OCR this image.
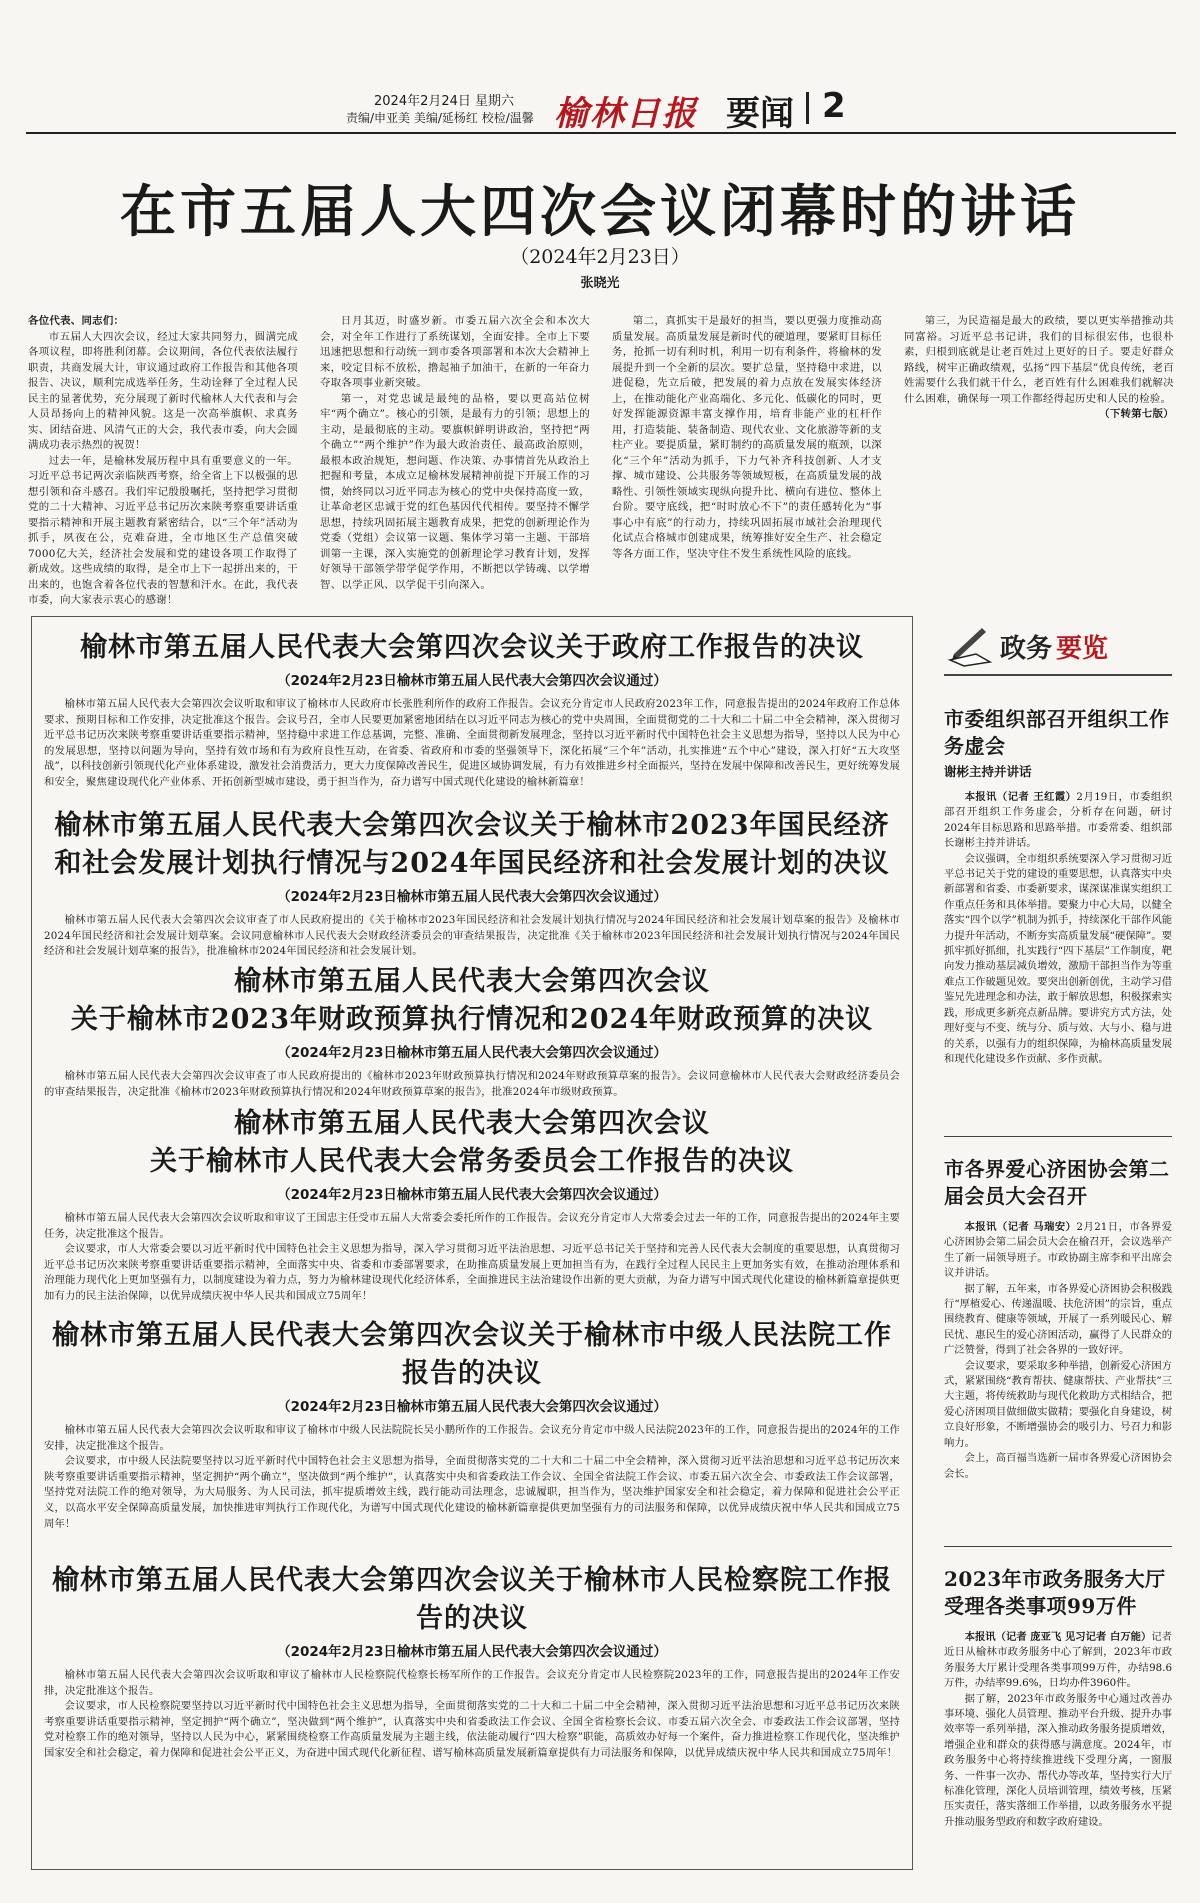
2024年2月24日 星期六
责编/申亚美 美编/延杨红 校检/温馨 榆林日报 要闻 2
在市五届人大四次会议闭幕时的讲话
（2024年2月23日）
张晓光

各位代表、同志们：

市五届人大四次会议，经过大家共同努力，圆满完成各项议程，即将胜利闭幕。会议期间，各位代表依法履行职责，共商发展大计，审议通过政府工作报告和其他各项报告、决议，顺利完成选举任务，生动诠释了全过程人民民主的显著优势，充分展现了新时代榆林人大代表和与会人员昂扬向上的精神风貌。这是一次高举旗帜、求真务实、团结奋进、风清气正的大会，我代表市委，向大会圆满成功表示热烈的祝贺！

过去一年，是榆林发展历程中具有重要意义的一年。习近平总书记两次亲临陕西考察，给全省上下以极强的思想引领和奋斗感召。我们牢记殷殷嘱托，坚持把学习贯彻党的二十大精神、习近平总书记历次来陕考察重要讲话重要指示精神和开展主题教育紧密结合，以“三个年”活动为抓手，夙夜在公，克难奋进，全市地区生产总值突破7000亿大关，经济社会发展和党的建设各项工作取得了新成效。这些成绩的取得，是全市上下一起拼出来的，干出来的，也饱含着各位代表的智慧和汗水。在此，我代表市委，向大家表示衷心的感谢！

日月其迈，时盛岁新。市委五届六次全会和本次大会，对全年工作进行了系统谋划，全面安排。全市上下要迅速把思想和行动统一到市委各项部署和本次大会精神上来，咬定目标不放松，撸起袖子加油干，在新的一年奋力夺取各项事业新突破。

第一，对党忠诚是最纯的品格，要以更高站位树牢“两个确立”。核心的引领，是最有力的引领；思想上的主动，是最彻底的主动。要旗帜鲜明讲政治，坚持把“两个确立”“两个维护”作为最大政治责任、最高政治原则，最根本政治规矩，想问题、作决策、办事情首先从政治上把握和考量，本成立足榆林发展精神前提下开展工作的习惯，始终同以习近平同志为核心的党中央保持高度一致，让革命老区忠诚于党的红色基因代代相传。要坚持不懈学思想，持续巩固拓展主题教育成果，把党的创新理论作为党委（党组）会议第一议题、集体学习第一主题、干部培训第一主课，深入实施党的创新理论学习教育计划，发挥好领导干部领学带学促学作用，不断把以学铸魂、以学增智、以学正风、以学促干引向深入。

第二，真抓实干是最好的担当，要以更强力度推动高质量发展。高质量发展是新时代的硬道理，要紧盯目标任务，抢抓一切有利时机，利用一切有利条件，将榆林的发展提升到一个全新的层次。要扩总量，坚持稳中求进，以进促稳，先立后破，把发展的着力点放在发展实体经济上，在推动能化产业高端化、多元化、低碳化的同时，更好发挥能源资源丰富支撑作用，培育非能产业的杠杆作用，打造装能、装备制造、现代农业、文化旅游等新的支柱产业。要提质量，紧盯制约的高质量发展的瓶颈，以深化“三个年”活动为抓手，下力气补齐科技创新、人才支撑、城市建设、公共服务等领域短板，在高质量发展的战略性、引领性领域实现纵向提升比、横向有进位、整体上台阶。要守底线，把“时时放心不下”的责任感转化为“事事心中有底”的行动力，持续巩固拓展市域社会治理现代化试点合格城市创建成果，统筹推好安全生产、社会稳定等各方面工作，坚决守住不发生系统性风险的底线。

第三，为民造福是最大的政绩，要以更实举措推动共同富裕。习近平总书记讲，我们的目标很宏伟，也很朴素，归根到底就是让老百姓过上更好的日子。要走好群众路线，树牢正确政绩观，弘扬“四下基层”优良传统，老百姓需要什么我们就干什么，老百姓有什么困难我们就解决什么困难，确保每一项工作都经得起历史和人民的检验。

（下转第七版）
榆林市第五届人民代表大会第四次会议关于政府工作报告的决议
（2024年2月23日榆林市第五届人民代表大会第四次会议通过）

榆林市第五届人民代表大会第四次会议听取和审议了榆林市人民政府市长张胜利所作的政府工作报告。会议充分肯定市人民政府2023年工作，同意报告提出的2024年政府工作总体要求、预期目标和工作安排，决定批准这个报告。会议号召，全市人民要更加紧密地团结在以习近平同志为核心的党中央周围，全面贯彻党的二十大和二十届二中全会精神，深入贯彻习近平总书记历次来陕考察重要讲话重要指示精神，坚持稳中求进工作总基调，完整、准确、全面贯彻新发展理念，坚持以习近平新时代中国特色社会主义思想为指导，坚持以人民为中心的发展思想，坚持以问题为导向，坚持有效市场和有为政府良性互动，在省委、省政府和市委的坚强领导下，深化拓展“三个年”活动，扎实推进“五个中心”建设，深入打好“五大攻坚战”，以科技创新引领现代化产业体系建设，激发社会消费活力，更大力度保障改善民生，促进区域协调发展，有力有效推进乡村全面振兴，坚持在发展中保障和改善民生，更好统筹发展和安全，聚焦建设现代化产业体系、开拓创新型城市建设，勇于担当作为，奋力谱写中国式现代化建设的榆林新篇章！

榆林市第五届人民代表大会第四次会议关于榆林市2023年国民经济
和社会发展计划执行情况与2024年国民经济和社会发展计划的决议
（2024年2月23日榆林市第五届人民代表大会第四次会议通过）

榆林市第五届人民代表大会第四次会议审查了市人民政府提出的《关于榆林市2023年国民经济和社会发展计划执行情况与2024年国民经济和社会发展计划草案的报告》及榆林市2024年国民经济和社会发展计划草案。会议同意榆林市人民代表大会财政经济委员会的审查结果报告，决定批准《关于榆林市2023年国民经济和社会发展计划执行情况与2024年国民经济和社会发展计划草案的报告》，批准榆林市2024年国民经济和社会发展计划。

榆林市第五届人民代表大会第四次会议
关于榆林市2023年财政预算执行情况和2024年财政预算的决议
（2024年2月23日榆林市第五届人民代表大会第四次会议通过）

榆林市第五届人民代表大会第四次会议审查了市人民政府提出的《榆林市2023年财政预算执行情况和2024年财政预算草案的报告》。会议同意榆林市人民代表大会财政经济委员会的审查结果报告，决定批准《榆林市2023年财政预算执行情况和2024年财政预算草案的报告》，批准2024年市级财政预算。

榆林市第五届人民代表大会第四次会议
关于榆林市人民代表大会常务委员会工作报告的决议
（2024年2月23日榆林市第五届人民代表大会第四次会议通过）

榆林市第五届人民代表大会第四次会议听取和审议了王国忠主任受市五届人大常委会委托所作的工作报告。会议充分肯定市人大常委会过去一年的工作，同意报告提出的2024年主要任务，决定批准这个报告。

会议要求，市人大常委会要以习近平新时代中国特色社会主义思想为指导，深入学习贯彻习近平法治思想、习近平总书记关于坚持和完善人民代表大会制度的重要思想，认真贯彻习近平总书记历次来陕考察重要讲话重要指示精神，全面落实中央、省委和市委部署要求，在助推高质量发展上更加担当有为，在践行全过程人民民主上更加务实有效，在推动治理体系和治理能力现代化上更加坚强有力，以制度建设为着力点，努力为榆林建设现代化经济体系，全面推进民主法治建设作出新的更大贡献，为奋力谱写中国式现代化建设的榆林新篇章提供更加有力的民主法治保障，以优异成绩庆祝中华人民共和国成立75周年！

榆林市第五届人民代表大会第四次会议关于榆林市中级人民法院工作报告的决议
（2024年2月23日榆林市第五届人民代表大会第四次会议通过）

榆林市第五届人民代表大会第四次会议听取和审议了榆林市中级人民法院院长吴小鹏所作的工作报告。会议充分肯定市中级人民法院2023年的工作，同意报告提出的2024年的工作安排，决定批准这个报告。

会议要求，市中级人民法院要坚持以习近平新时代中国特色社会主义思想为指导，全面贯彻落实党的二十大和二十届二中全会精神，深入贯彻习近平法治思想和习近平总书记历次来陕考察重要讲话重要指示精神，坚定拥护“两个确立”，坚决做到“两个维护”，认真落实中央和省委政法工作会议、全国全省法院工作会议、市委五届六次全会、市委政法工作会议部署，坚持党对法院工作的绝对领导，为大局服务、为人民司法，抓牢提质增效主线，践行能动司法理念，忠诚履职，担当作为，坚决维护国家安全和社会稳定，着力保障和促进社会公平正义，以高水平安全保障高质量发展，加快推进审判执行工作现代化，为谱写中国式现代化建设的榆林新篇章提供更加坚强有力的司法服务和保障，以优异成绩庆祝中华人民共和国成立75周年！

榆林市第五届人民代表大会第四次会议关于榆林市人民检察院工作报告的决议
（2024年2月23日榆林市第五届人民代表大会第四次会议通过）

榆林市第五届人民代表大会第四次会议听取和审议了榆林市人民检察院代检察长杨军所作的工作报告。会议充分肯定市人民检察院2023年的工作，同意报告提出的2024年工作安排，决定批准这个报告。

会议要求，市人民检察院要坚持以习近平新时代中国特色社会主义思想为指导，全面贯彻落实党的二十大和二十届二中全会精神，深入贯彻习近平法治思想和习近平总书记历次来陕考察重要讲话重要指示精神，坚定拥护“两个确立”，坚决做到“两个维护”，认真落实中央和省委政法工作会议、全国全省检察长会议、市委五届六次全会、市委政法工作会议部署，坚持党对检察工作的绝对领导，坚持以人民为中心，紧紧围绕检察工作高质量发展为主题主线，依法能动履行“四大检察”职能，高质效办好每一个案件，奋力推进检察工作现代化，坚决维护国家安全和社会稳定，着力保障和促进社会公平正义，为奋进中国式现代化新征程、谱写榆林高质量发展新篇章提供有力司法服务和保障，以优异成绩庆祝中华人民共和国成立75周年！

政务 要览
市委组织部召开组织工作务虚会
谢彬主持并讲话

本报讯（记者 王红霞）2月19日，市委组织部召开组织工作务虚会，分析存在问题，研讨2024年目标思路和思路举措。市委常委、组织部长谢彬主持并讲话。

会议强调，全市组织系统要深入学习贯彻习近平总书记关于党的建设的重要思想，认真落实中央新部署和省委、市委新要求，谋深谋准谋实组织工作重点任务和具体举措。要聚力中心大局，以健全落实“四个以学”机制为抓手，持续深化干部作风能力提升年活动，不断夯实高质量发展“硬保障”。要抓牢抓好抓细，扎实践行“四下基层”工作制度，靶向发力推动基层减负增效，激励干部担当作为等重难点工作破题见效。要突出创新创优，主动学习借鉴兄先进理念和办法，敢于解放思想，积极探索实践，形成更多新亮点新品牌。要讲究方式方法，处理好变与不变、统与分、质与效、大与小、稳与进的关系，以强有力的组织保障，为榆林高质量发展和现代化建设多作贡献、多作贡献。

市各界爱心济困协会第二届会员大会召开

本报讯（记者 马瑞安）2月21日，市各界爱心济困协会第二届会员大会在榆召开，会议选举产生了新一届领导班子。市政协副主席李和平出席会议并讲话。

据了解，五年来，市各界爱心济困协会积极践行“厚植爱心、传递温暖、扶危济困”的宗旨，重点围绕教育、健康等领域，开展了一系列暖民心、解民忧、惠民生的爱心济困活动，赢得了人民群众的广泛赞誉，得到了社会各界的一致好评。

会议要求，要采取多种举措，创新爱心济困方式，紧紧围绕“教育帮扶、健康帮扶、产业帮扶”三大主题，将传统救助与现代化救助方式相结合，把爱心济困项目做细做实做精；要强化自身建设，树立良好形象，不断增强协会的吸引力、号召力和影响力。

会上，高百福当选新一届市各界爱心济困协会会长。

2023年市政务服务大厅受理各类事项99万件

本报讯（记者 庞亚飞 见习记者 白万能）记者近日从榆林市政务服务中心了解到，2023年市政务服务大厅累计受理各类事项99万件，办结98.6万件，办结率99.6%，日均办件3960件。

据了解，2023年市政务服务中心通过改善办事环境、强化人员管理、推动平台升级、提升办事效率等一系列举措，深入推动政务服务提质增效，增强企业和群众的获得感与满意度。2024年，市政务服务中心将持续推进线下受理分离，一窗服务、一件事一次办、帮代办等改革，坚持实行大厅标准化管理，深化人员培训管理，绩效考核，压紧压实责任，落实落细工作举措，以政务服务水平提升推动服务型政府和数字政府建设。
